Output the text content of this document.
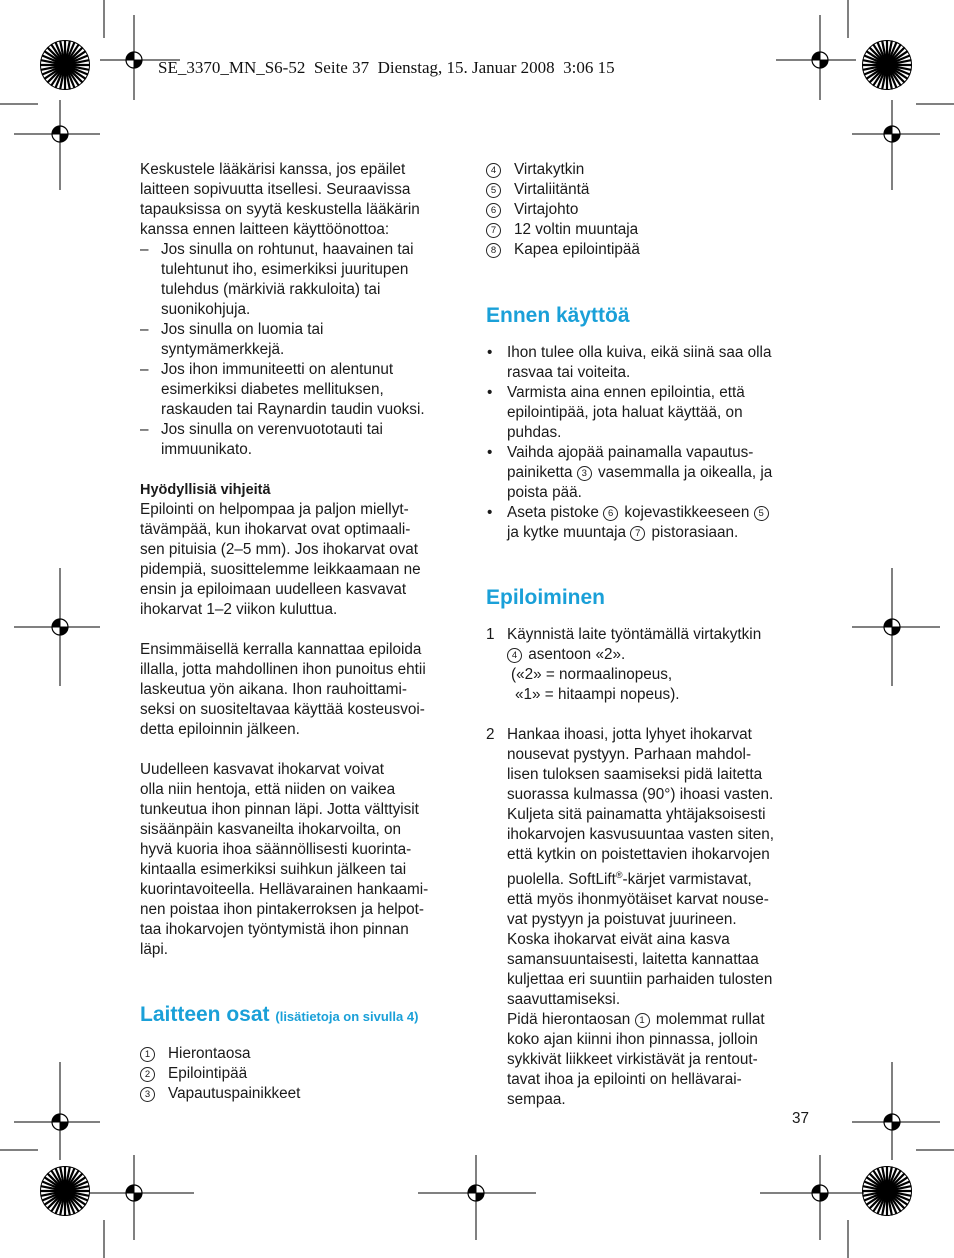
SE_3370_MN_S6-52  Seite 37  Dienstag, 15. Januar 2008  3:06 15
Keskustele lääkärisi kanssa, jos epäilet
laitteen sopivuutta itsellesi. Seuraavissa
tapauksissa on syytä keskustella lääkärin
kanssa ennen laitteen käyttöönottoa:
– Jos sinulla on rohtunut, haavainen tai
tulehtunut iho, esimerkiksi juuritupen
tulehdus (märkiviä rakkuloita) tai
suonikohjuja.
– Jos sinulla on luomia tai
syntymämerkkejä.
– Jos ihon immuniteetti on alentunut
esimerkiksi diabetes mellituksen,
raskauden tai Raynardin taudin vuoksi.
– Jos sinulla on verenvuototauti tai
immuunikato.
Hyödyllisiä vihjeitä
Epilointi on helpompaa ja paljon miellyt-
tävämpää, kun ihokarvat ovat optimaali-
sen pituisia (2–5 mm). Jos ihokarvat ovat
pidempiä, suosittelemme leikkaamaan ne
ensin ja epiloimaan uudelleen kasvavat
ihokarvat 1–2 viikon kuluttua.
Ensimmäisellä kerralla kannattaa epiloida
illalla, jotta mahdollinen ihon punoitus ehtii
laskeutua yön aikana. Ihon rauhoittami-
seksi on suositeltavaa käyttää kosteusvoi-
detta epiloinnin jälkeen.
Uudelleen kasvavat ihokarvat voivat
olla niin hentoja, että niiden on vaikea
tunkeutua ihon pinnan läpi. Jotta välttyisit
sisäänpäin kasvaneilta ihokarvoilta, on
hyvä kuoria ihoa säännöllisesti kuorinta-
kintaalla esimerkiksi suihkun jälkeen tai
kuorintavoiteella. Hellävarainen hankaami-
nen poistaa ihon pintakerroksen ja helpot-
taa ihokarvojen työntymistä ihon pinnan
läpi.
Laitteen osat (lisätietoja on sivulla 4)
1	Hierontaosa
2	Epilointipää
3	Vapautuspainikkeet
4	Virtakytkin
5	Virtaliitäntä
6	Virtajohto
7	12 voltin muuntaja
8	Kapea epilointipää
Ennen käyttöä
• Ihon tulee olla kuiva, eikä siinä saa olla
rasvaa tai voiteita.
• Varmista aina ennen epilointia, että
epilointipää, jota haluat käyttää, on
puhdas.
• Vaihda ajopää painamalla vapautus-
painiketta 3 vasemmalla ja oikealla, ja
poista pää.
• Aseta pistoke 6 kojevastikkeeseen 5
ja kytke muuntaja 7 pistorasiaan.
Epiloiminen
1 Käynnistä laite työntämällä virtakytkin
4 asentoon «2».
(«2» = normaalinopeus,
«1» = hitaampi nopeus).
2 Hankaa ihoasi, jotta lyhyet ihokarvat
nousevat pystyyn. Parhaan mahdol-
lisen tuloksen saamiseksi pidä laitetta
suorassa kulmassa (90°) ihoasi vasten.
Kuljeta sitä painamatta yhtäjaksoisesti
ihokarvojen kasvusuuntaa vasten siten,
että kytkin on poistettavien ihokarvojen
puolella. SoftLift®-kärjet varmistavat,
että myös ihonmyötäiset karvat nouse-
vat pystyyn ja poistuvat juurineen.
Koska ihokarvat eivät aina kasva
samansuuntaisesti, laitetta kannattaa
kuljettaa eri suuntiin parhaiden tulosten
saavuttamiseksi.
Pidä hierontaosan 1 molemmat rullat
koko ajan kiinni ihon pinnassa, jolloin
sykkivät liikkeet virkistävät ja rentout-
tavat ihoa ja epilointi on hellävarai-
sempaa.
37
